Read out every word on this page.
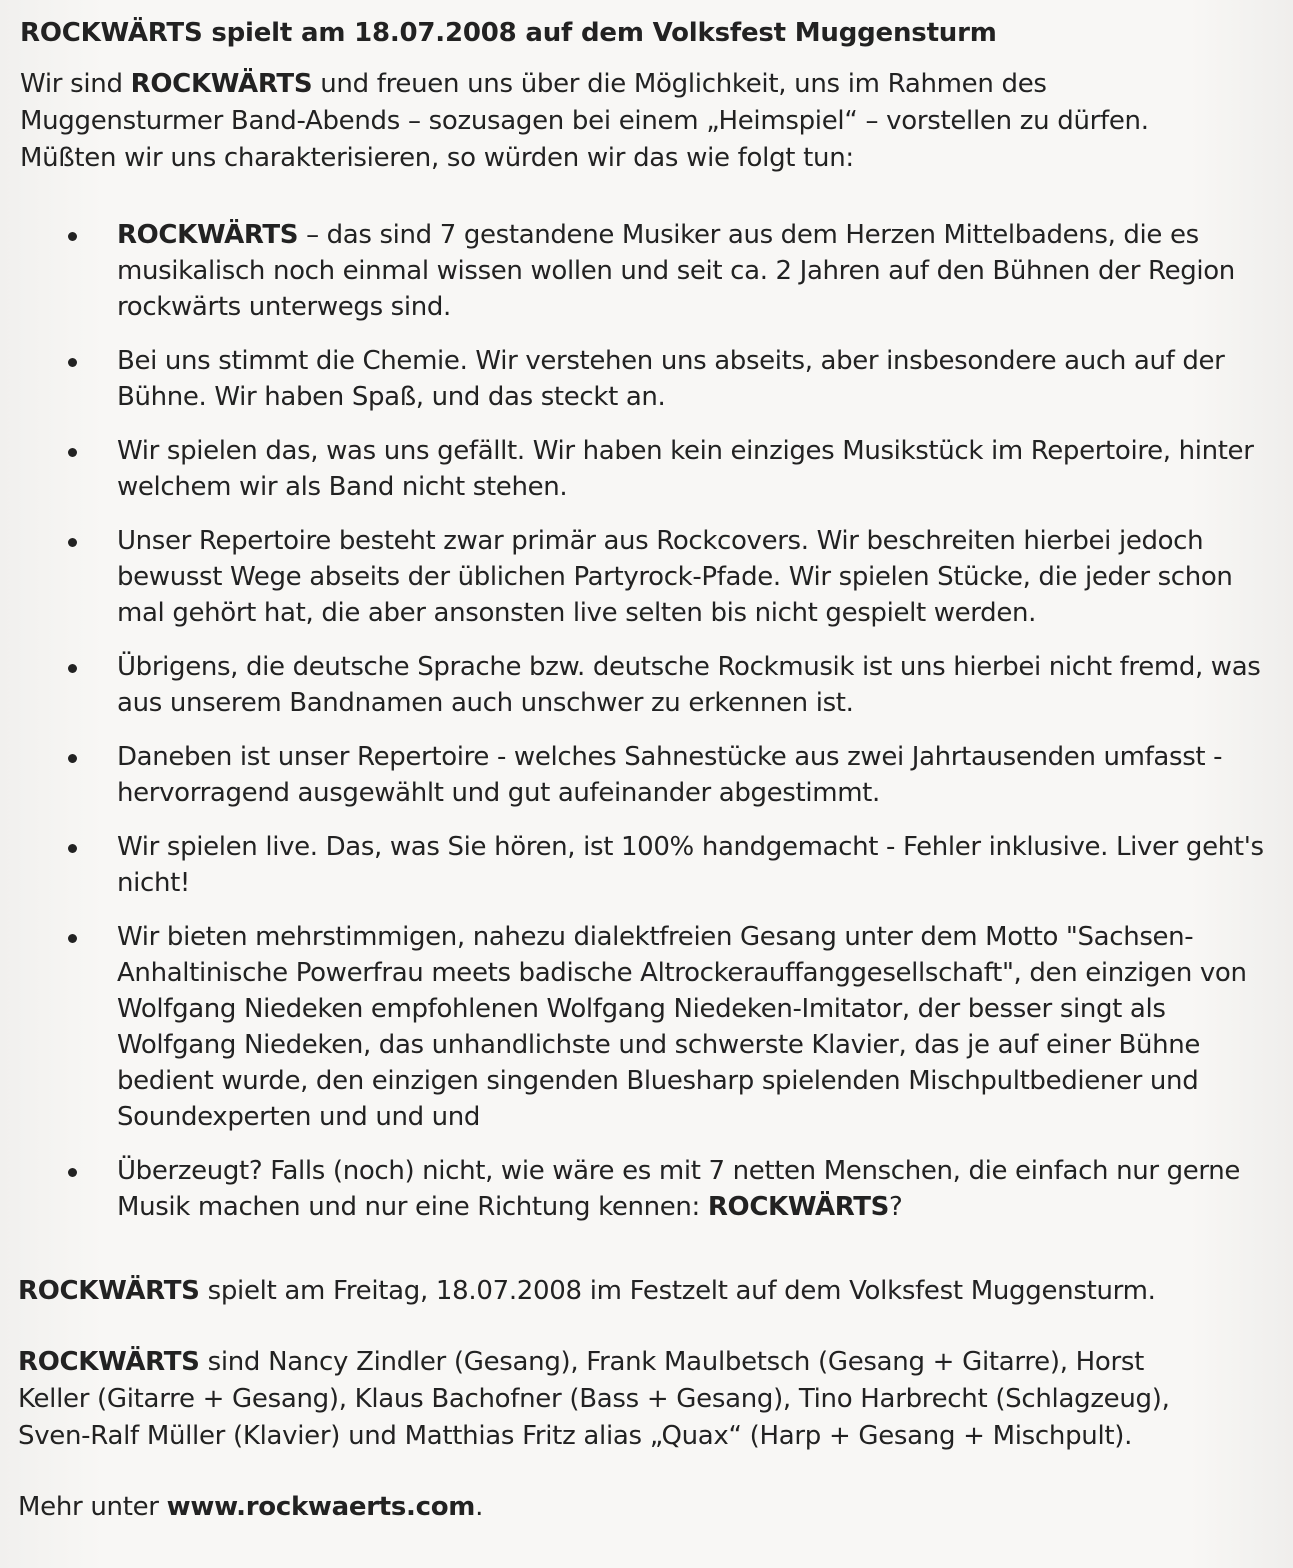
ROCKWÄRTS spielt am 18.07.2008 auf dem Volksfest Muggensturm
Wir sind ROCKWÄRTS und freuen uns über die Möglichkeit, uns im Rahmen des
Muggensturmer Band-Abends – sozusagen bei einem „Heimspiel“ – vorstellen zu dürfen.
Müßten wir uns charakterisieren, so würden wir das wie folgt tun:
ROCKWÄRTS – das sind 7 gestandene Musiker aus dem Herzen Mittelbadens, die es musikalisch noch einmal wissen wollen und seit ca. 2 Jahren auf den Bühnen der Region rockwärts unterwegs sind.
Bei uns stimmt die Chemie. Wir verstehen uns abseits, aber insbesondere auch auf der Bühne. Wir haben Spaß, und das steckt an.
Wir spielen das, was uns gefällt. Wir haben kein einziges Musikstück im Repertoire, hinter welchem wir als Band nicht stehen.
Unser Repertoire besteht zwar primär aus Rockcovers. Wir beschreiten hierbei jedoch bewusst Wege abseits der üblichen Partyrock-Pfade. Wir spielen Stücke, die jeder schon mal gehört hat, die aber ansonsten live selten bis nicht gespielt werden.
Übrigens, die deutsche Sprache bzw. deutsche Rockmusik ist uns hierbei nicht fremd, was aus unserem Bandnamen auch unschwer zu erkennen ist.
Daneben ist unser Repertoire - welches Sahnestücke aus zwei Jahrtausenden umfasst - hervorragend ausgewählt und gut aufeinander abgestimmt.
Wir spielen live. Das, was Sie hören, ist 100% handgemacht - Fehler inklusive. Liver geht's nicht!
Wir bieten mehrstimmigen, nahezu dialektfreien Gesang unter dem Motto "Sachsen-Anhaltinische Powerfrau meets badische Altrockerauffanggesellschaft", den einzigen von Wolfgang Niedeken empfohlenen Wolfgang Niedeken-Imitator, der besser singt als Wolfgang Niedeken, das unhandlichste und schwerste Klavier, das je auf einer Bühne bedient wurde, den einzigen singenden Bluesharp spielenden Mischpultbediener und Soundexperten und und und
Überzeugt? Falls (noch) nicht, wie wäre es mit 7 netten Menschen, die einfach nur gerne Musik machen und nur eine Richtung kennen: ROCKWÄRTS?
ROCKWÄRTS spielt am Freitag, 18.07.2008 im Festzelt auf dem Volksfest Muggensturm.
ROCKWÄRTS sind Nancy Zindler (Gesang), Frank Maulbetsch (Gesang + Gitarre), Horst
Keller (Gitarre + Gesang), Klaus Bachofner (Bass + Gesang), Tino Harbrecht (Schlagzeug),
Sven-Ralf Müller (Klavier) und Matthias Fritz alias „Quax“ (Harp + Gesang + Mischpult).
Mehr unter www.rockwaerts.com.
